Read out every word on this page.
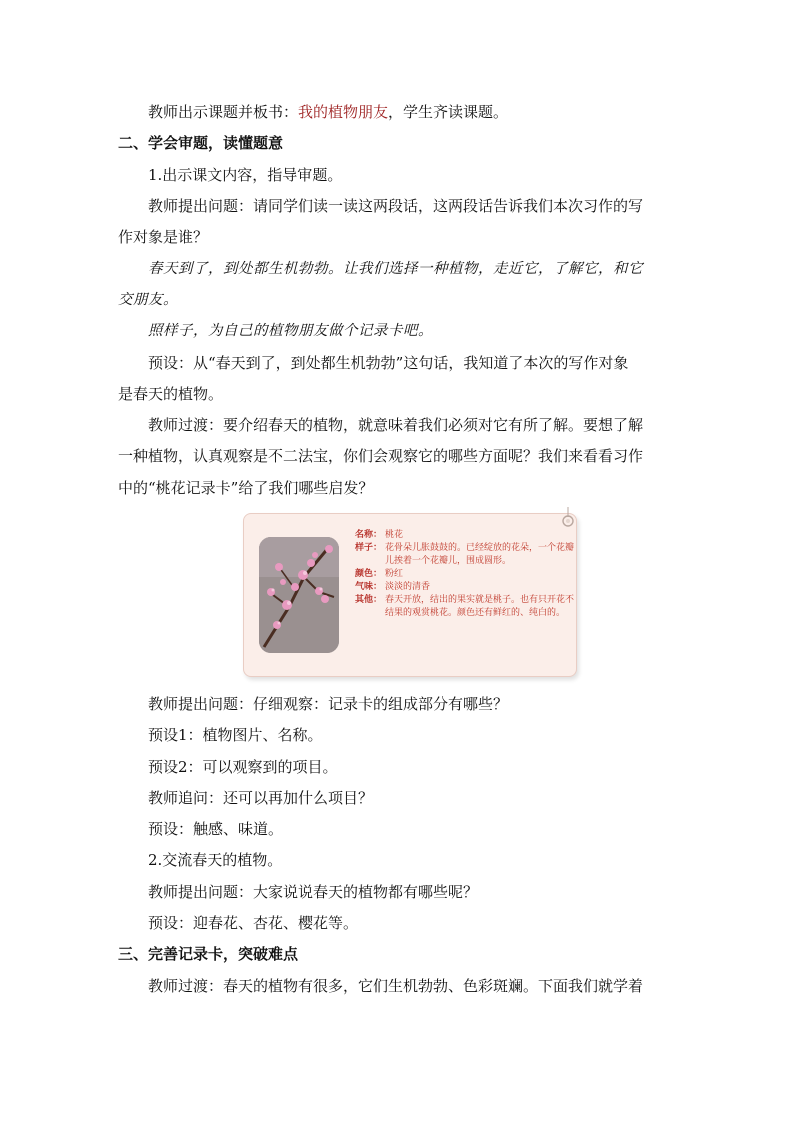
教师出示课题并板书：我的植物朋友，学生齐读课题。
二、学会审题，读懂题意
1.出示课文内容，指导审题。
教师提出问题：请同学们读一读这两段话，这两段话告诉我们本次习作的写
作对象是谁？
春天到了，到处都生机勃勃。让我们选择一种植物，走近它，了解它，和它
交朋友。
照样子，为自己的植物朋友做个记录卡吧。
预设：从“春天到了，到处都生机勃勃”这句话，我知道了本次的写作对象
是春天的植物。
教师过渡：要介绍春天的植物，就意味着我们必须对它有所了解。要想了解
一种植物，认真观察是不二法宝，你们会观察它的哪些方面呢？我们来看看习作
中的“桃花记录卡”给了我们哪些启发？
名称： 桃花
样子： 花骨朵儿胀鼓鼓的。已经绽放的花朵，一个花瓣儿挨着一个花瓣儿，围成圆形。
颜色： 粉红
气味： 淡淡的清香
其他： 春天开放，结出的果实就是桃子。也有只开花不结果的观赏桃花。颜色还有鲜红的、纯白的。
教师提出问题：仔细观察：记录卡的组成部分有哪些？
预设1：植物图片、名称。
预设2：可以观察到的项目。
教师追问：还可以再加什么项目？
预设：触感、味道。
2.交流春天的植物。
教师提出问题：大家说说春天的植物都有哪些呢？
预设：迎春花、杏花、樱花等。
三、完善记录卡，突破难点
教师过渡：春天的植物有很多，它们生机勃勃、色彩斑斓。下面我们就学着
